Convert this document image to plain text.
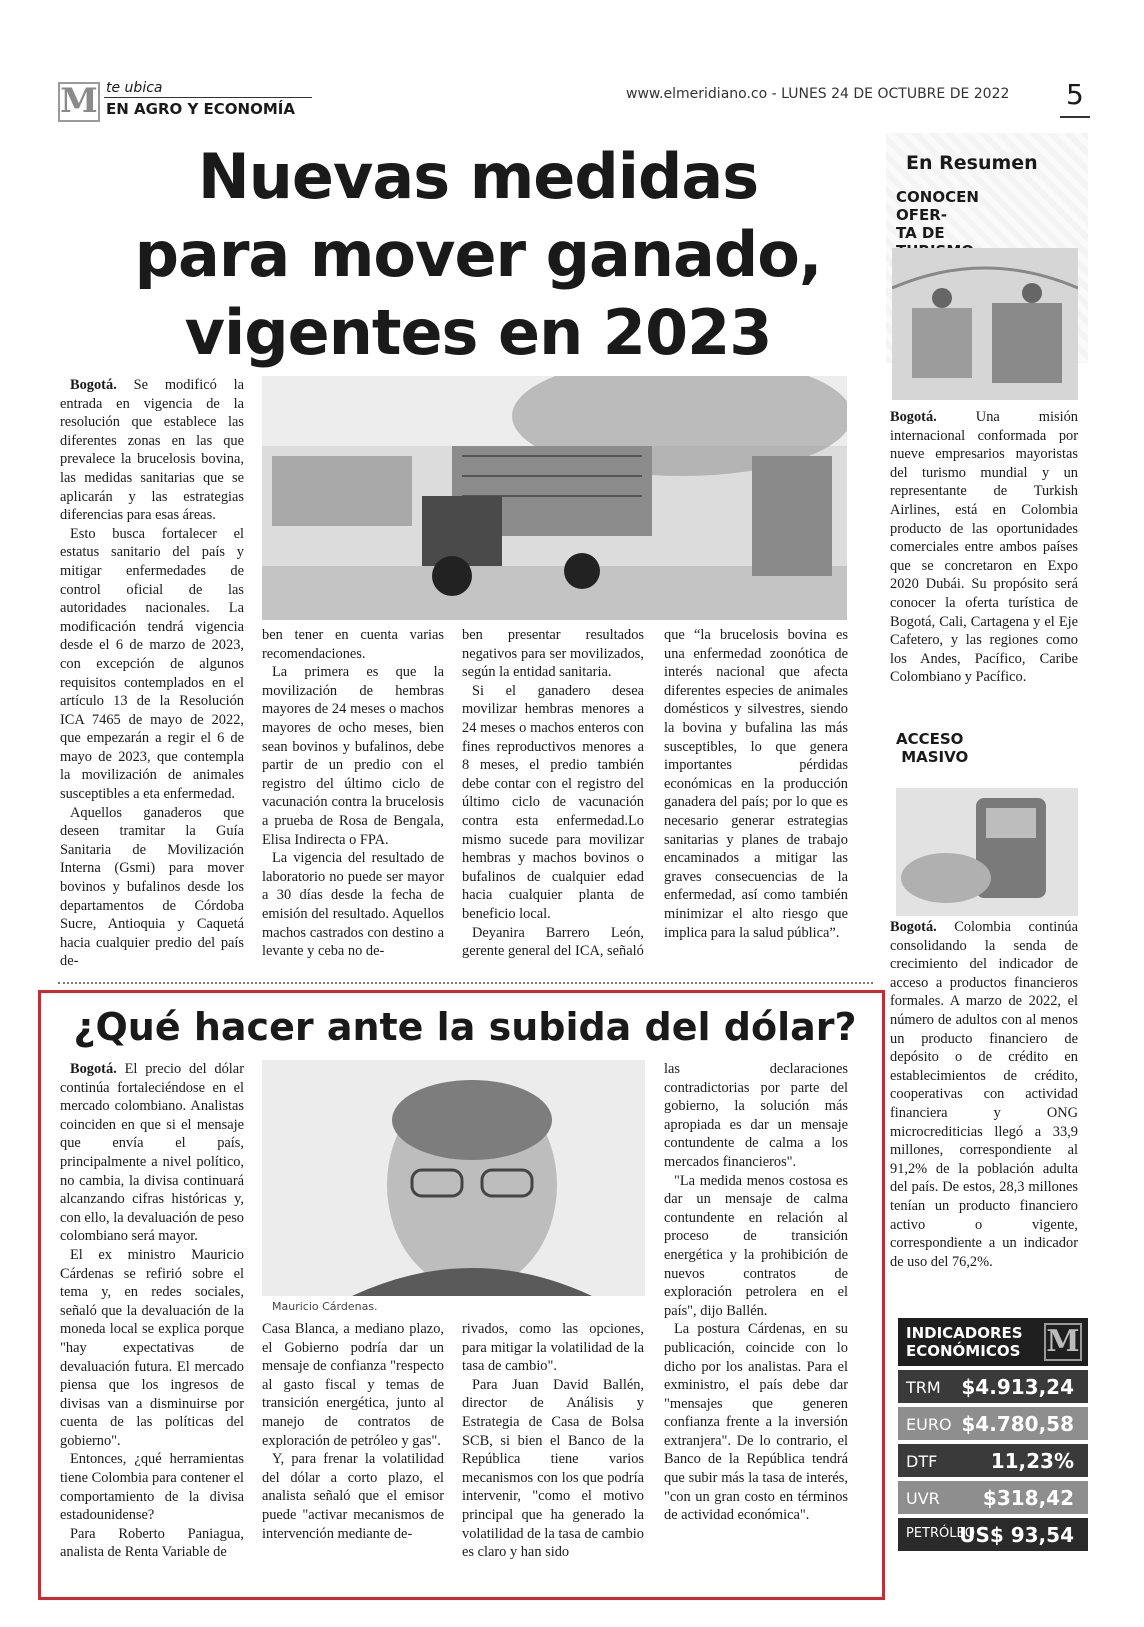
M te ubica
EN AGRO Y ECONOMÍA
www.elmeridiano.co - LUNES 24 DE OCTUBRE DE 2022 5
Nuevas medidas para mover ganado, vigentes en 2023

Bogotá. Se modificó la entrada en vigencia de la resolución que establece las diferentes zonas en las que prevalece la brucelosis bovina, las medidas sanitarias que se aplicarán y las estrategias diferencias para esas áreas.

Esto busca fortalecer el estatus sanitario del país y mitigar enfermedades de control oficial de las autoridades nacionales. La modificación tendrá vigencia desde el 6 de marzo de 2023, con excepción de algunos requisitos contemplados en el artículo 13 de la Resolución ICA 7465 de mayo de 2022, que empezarán a regir el 6 de mayo de 2023, que contempla la movilización de animales susceptibles a eta enfermedad.

Aquellos ganaderos que deseen tramitar la Guía Sanitaria de Movilización Interna (Gsmi) para mover bovinos y bufalinos desde los departamentos de Córdoba Sucre, Antioquia y Caquetá hacia cualquier predio del país de-

ben tener en cuenta varias recomendaciones.

La primera es que la movilización de hembras mayores de 24 meses o machos mayores de ocho meses, bien sean bovinos y bufalinos, debe partir de un predio con el registro del último ciclo de vacunación contra la brucelosis a prueba de Rosa de Bengala, Elisa Indirecta o FPA.

La vigencia del resultado de laboratorio no puede ser mayor a 30 días desde la fecha de emisión del resultado. Aquellos machos castrados con destino a levante y ceba no de-

ben presentar resultados negativos para ser movilizados, según la entidad sanitaria.

Si el ganadero desea movilizar hembras menores a 24 meses o machos enteros con fines reproductivos menores a 8 meses, el predio también debe contar con el registro del último ciclo de vacunación contra esta enfermedad.Lo mismo sucede para movilizar hembras y machos bovinos o bufalinos de cualquier edad hacia cualquier planta de beneficio local.

Deyanira Barrero León, gerente general del ICA, señaló

que “la brucelosis bovina es una enfermedad zoonótica de interés nacional que afecta diferentes especies de animales domésticos y silvestres, siendo la bovina y bufalina las más susceptibles, lo que genera importantes pérdidas económicas en la producción ganadera del país; por lo que es necesario generar estrategias sanitarias y planes de trabajo encaminados a mitigar las graves consecuencias de la enfermedad, así como también minimizar el alto riesgo que implica para la salud pública”.

En Resumen
CONOCEN OFER-
TA DE

Bogotá. Una misión internacional conformada por nueve empresarios mayoristas del turismo mundial y un representante de Turkish Airlines, está en Colombia producto de las oportunidades comerciales entre ambos países que se concretaron en Expo 2020 Dubái. Su propósito será conocer la oferta turística de Bogotá, Cali, Cartagena y el Eje Cafetero, y las regiones como los Andes, Pacífico, Caribe Colombiano y Pacífico.

ACCESO
MASIVO

Bogotá. Colombia continúa consolidando la senda de crecimiento del indicador de acceso a productos financieros formales. A marzo de 2022, el número de adultos con al menos un producto financiero de depósito o de crédito en establecimientos de crédito, cooperativas con actividad financiera y ONG microcrediticias llegó a 33,9 millones, correspondiente al 91,2% de la población adulta del país. De estos, 28,3 millones tenían un producto financiero activo o vigente, correspondiente a un indicador de uso del 76,2%.

¿Qué hacer ante la subida del dólar?
Mauricio Cárdenas.

Bogotá. El precio del dólar continúa fortaleciéndose en el mercado colombiano. Analistas coinciden en que si el mensaje que envía el país, principalmente a nivel político, no cambia, la divisa continuará alcanzando cifras históricas y, con ello, la devaluación de peso colombiano será mayor.

El ex ministro Mauricio Cárdenas se refirió sobre el tema y, en redes sociales, señaló que la devaluación de la moneda local se explica porque "hay expectativas de devaluación futura. El mercado piensa que los ingresos de divisas van a disminuirse por cuenta de las políticas del gobierno".

Entonces, ¿qué herramientas tiene Colombia para contener el comportamiento de la divisa estadounidense?

Para Roberto Paniagua, analista de Renta Variable de

Casa Blanca, a mediano plazo, el Gobierno podría dar un mensaje de confianza "respecto al gasto fiscal y temas de transición energética, junto al manejo de contratos de exploración de petróleo y gas".

Y, para frenar la volatilidad del dólar a corto plazo, el analista señaló que el emisor puede "activar mecanismos de intervención mediante de-

rivados, como las opciones, para mitigar la volatilidad de la tasa de cambio".

Para Juan David Ballén, director de Análisis y Estrategia de Casa de Bolsa SCB, si bien el Banco de la República tiene varios mecanismos con los que podría intervenir, "como el motivo principal que ha generado la volatilidad de la tasa de cambio es claro y han sido

las declaraciones contradictorias por parte del gobierno, la solución más apropiada es dar un mensaje contundente de calma a los mercados financieros".

"La medida menos costosa es dar un mensaje de calma contundente en relación al proceso de transición energética y la prohibición de nuevos contratos de exploración petrolera en el país", dijo Ballén.

La postura Cárdenas, en su publicación, coincide con lo dicho por los analistas. Para el exministro, el país debe dar "mensajes que generen confianza frente a la inversión extranjera". De lo contrario, el Banco de la República tendrá que subir más la tasa de interés, "con un gran costo en términos de actividad económica".

INDICADORES
ECONÓMICOS M
TRM $4.913,24
EURO $4.780,58
DTF	11,23%
UVR $318,42
PETRÓLEO
US$ 93,54
